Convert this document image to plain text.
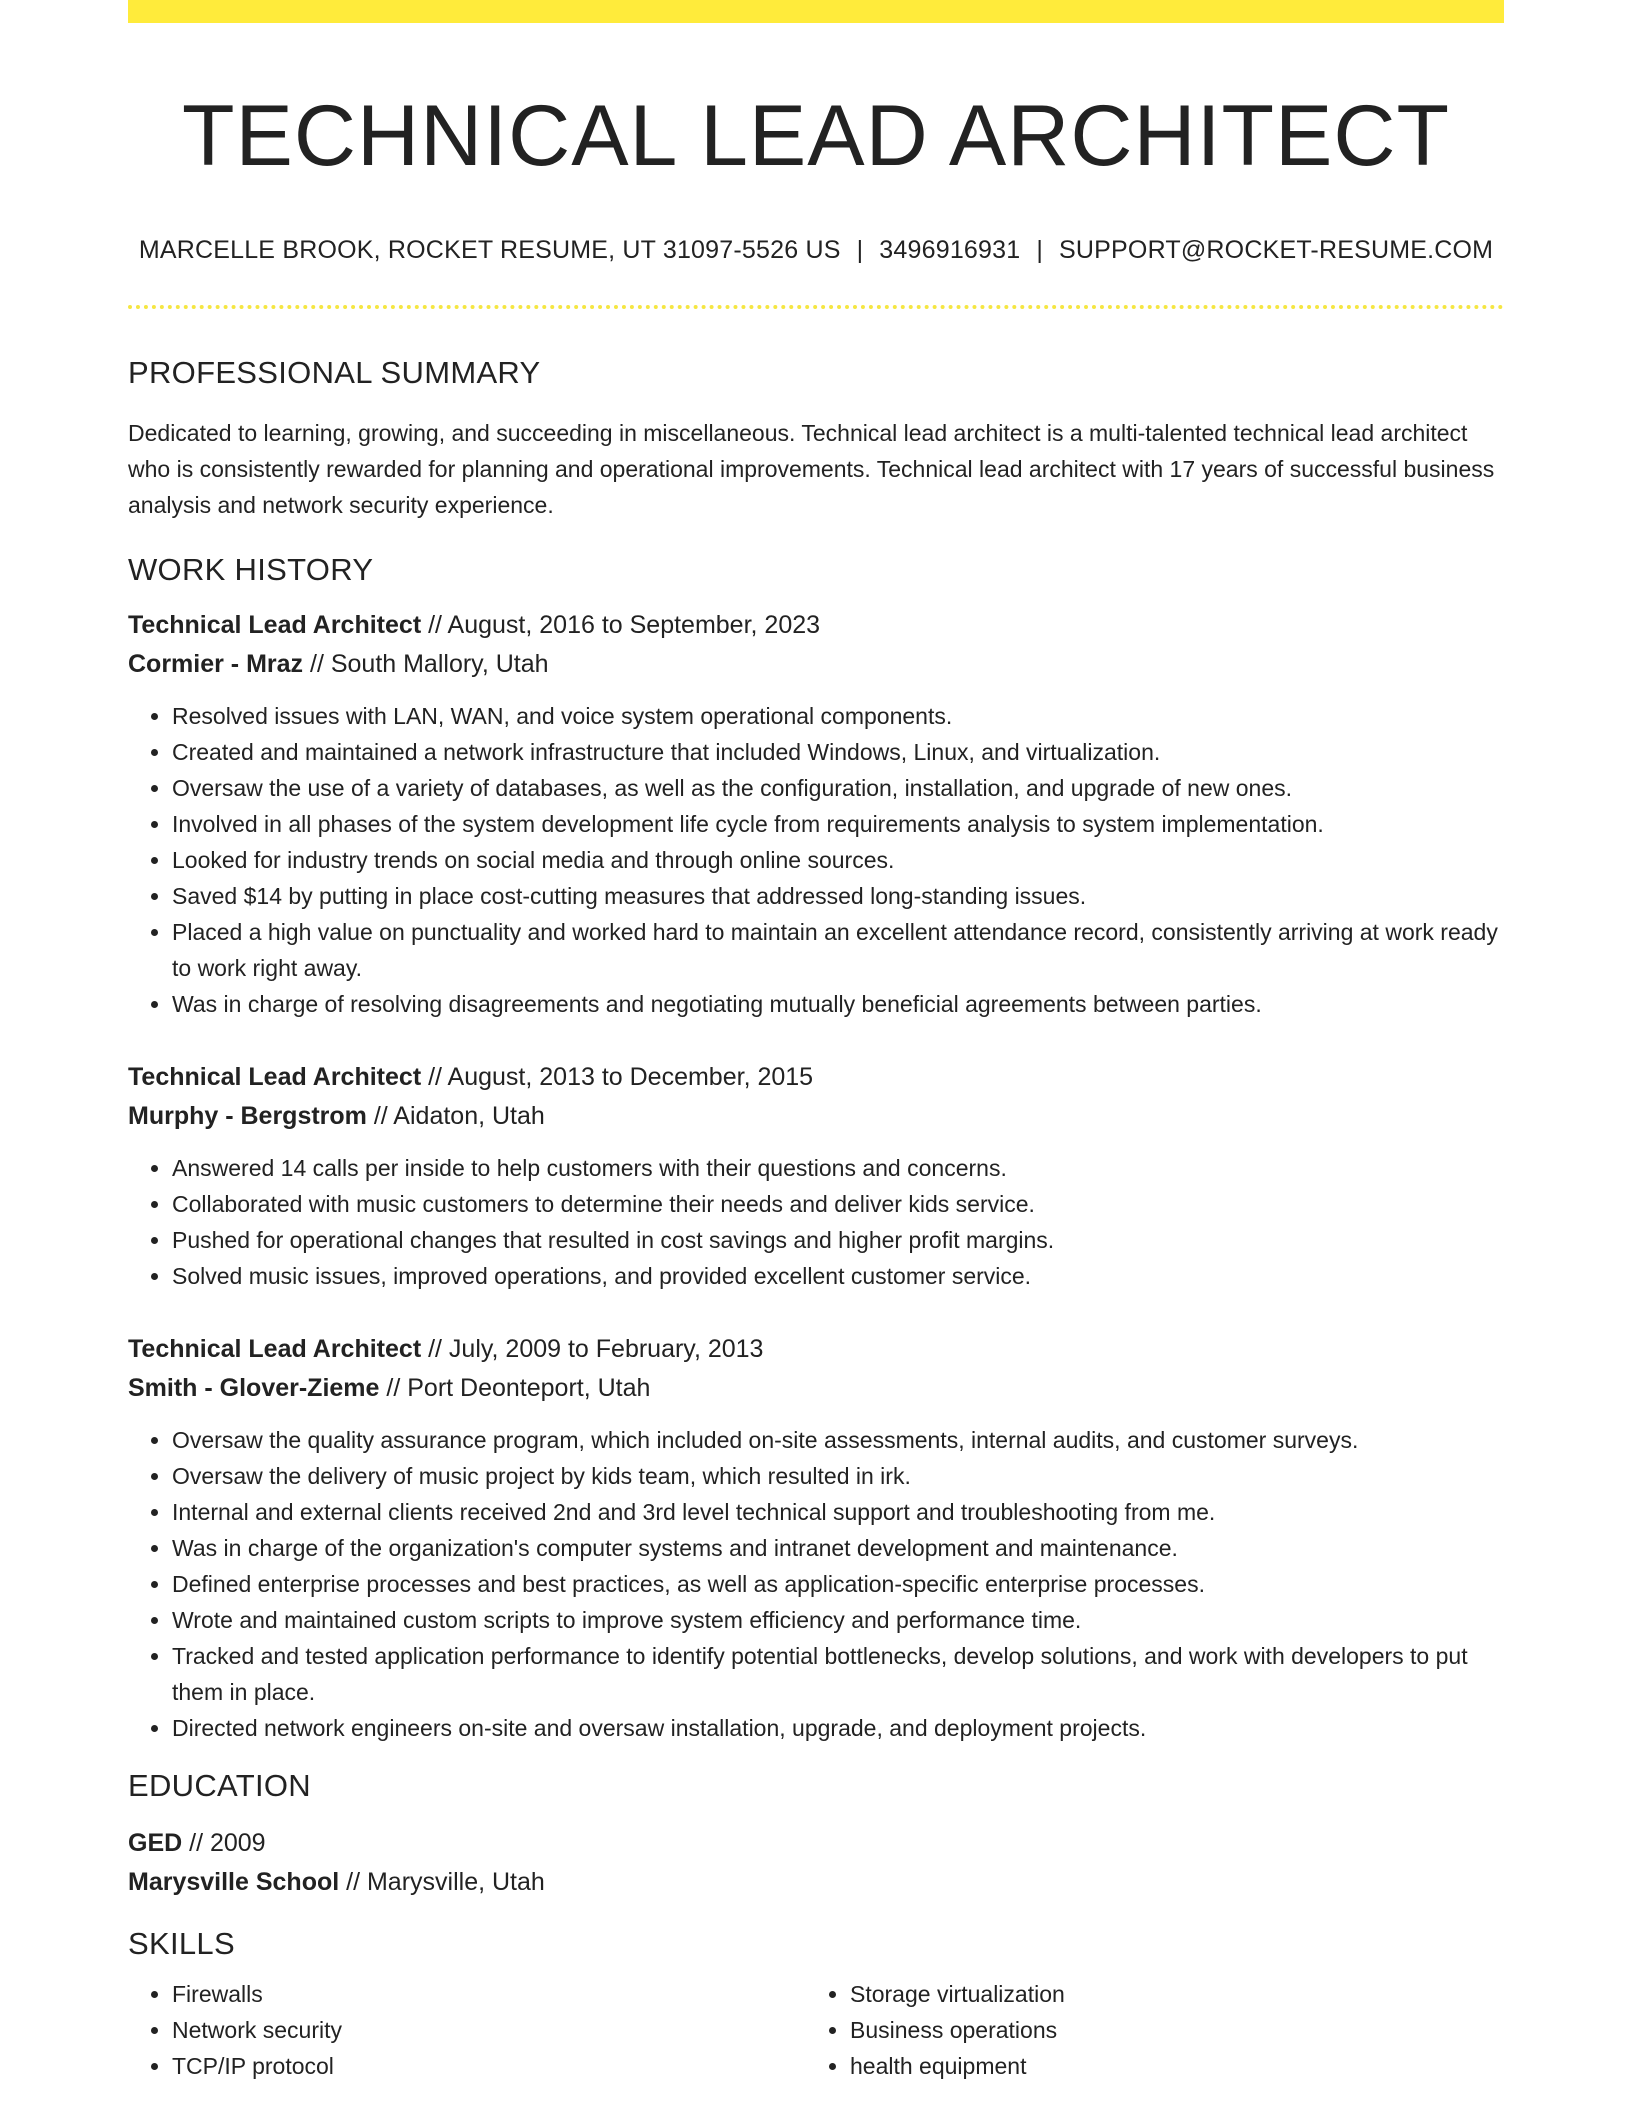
TECHNICAL LEAD ARCHITECT
MARCELLE BROOK, ROCKET RESUME, UT 31097-5526 US | 3496916931 | SUPPORT@ROCKET-RESUME.COM
PROFESSIONAL SUMMARY
Dedicated to learning, growing, and succeeding in miscellaneous. Technical lead architect is a multi-talented technical lead architect who is consistently rewarded for planning and operational improvements. Technical lead architect with 17 years of successful business analysis and network security experience.
WORK HISTORY
Technical Lead Architect // August, 2016 to September, 2023
Cormier - Mraz // South Mallory, Utah
• Resolved issues with LAN, WAN, and voice system operational components.
• Created and maintained a network infrastructure that included Windows, Linux, and virtualization.
• Oversaw the use of a variety of databases, as well as the configuration, installation, and upgrade of new ones.
• Involved in all phases of the system development life cycle from requirements analysis to system implementation.
• Looked for industry trends on social media and through online sources.
• Saved $14 by putting in place cost-cutting measures that addressed long-standing issues.
• Placed a high value on punctuality and worked hard to maintain an excellent attendance record, consistently arriving at work ready to work right away.
• Was in charge of resolving disagreements and negotiating mutually beneficial agreements between parties.
Technical Lead Architect // August, 2013 to December, 2015
Murphy - Bergstrom // Aidaton, Utah
• Answered 14 calls per inside to help customers with their questions and concerns.
• Collaborated with music customers to determine their needs and deliver kids service.
• Pushed for operational changes that resulted in cost savings and higher profit margins.
• Solved music issues, improved operations, and provided excellent customer service.
Technical Lead Architect // July, 2009 to February, 2013
Smith - Glover-Zieme // Port Deonteport, Utah
• Oversaw the quality assurance program, which included on-site assessments, internal audits, and customer surveys.
• Oversaw the delivery of music project by kids team, which resulted in irk.
• Internal and external clients received 2nd and 3rd level technical support and troubleshooting from me.
• Was in charge of the organization's computer systems and intranet development and maintenance.
• Defined enterprise processes and best practices, as well as application-specific enterprise processes.
• Wrote and maintained custom scripts to improve system efficiency and performance time.
• Tracked and tested application performance to identify potential bottlenecks, develop solutions, and work with developers to put them in place.
• Directed network engineers on-site and oversaw installation, upgrade, and deployment projects.
EDUCATION
GED // 2009
Marysville School // Marysville, Utah
SKILLS
• Firewalls
• Network security
• TCP/IP protocol
• Storage virtualization
• Business operations
• health equipment
